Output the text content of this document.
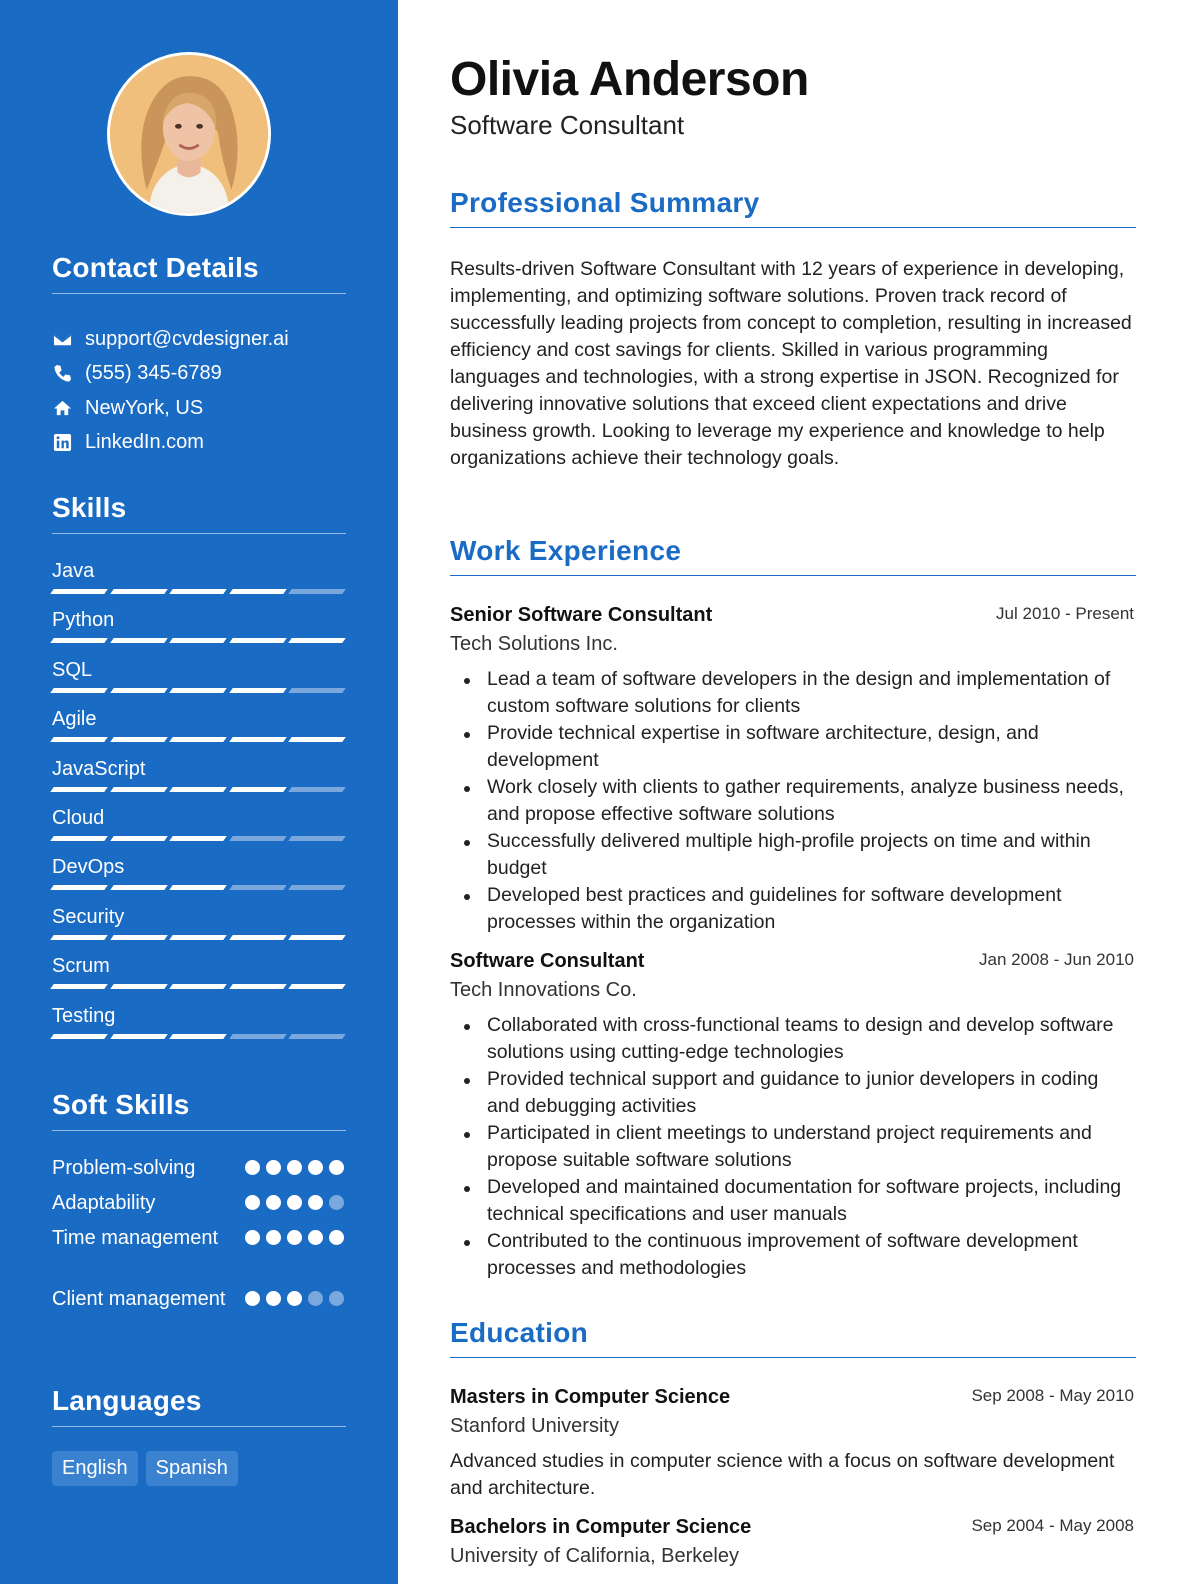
Contact Details
support@cvdesigner.ai
(555) 345-6789
NewYork, US
LinkedIn.com
Skills
Java
Python
SQL
Agile
JavaScript
Cloud
DevOps
Security
Scrum
Testing
Soft Skills
Problem-solving
Adaptability
Time management
Client management
Languages
English	Spanish
Olivia Anderson
Software Consultant
Professional Summary
Results-driven Software Consultant with 12 years of experience in developing, implementing, and optimizing software solutions. Proven track record of successfully leading projects from concept to completion, resulting in increased efficiency and cost savings for clients. Skilled in various programming languages and technologies, with a strong expertise in JSON. Recognized for delivering innovative solutions that exceed client expectations and drive business growth. Looking to leverage my experience and knowledge to help organizations achieve their technology goals.
Work Experience
Senior Software Consultant	Jul 2010 - Present
Tech Solutions Inc.
Lead a team of software developers in the design and implementation of custom software solutions for clients
Provide technical expertise in software architecture, design, and development
Work closely with clients to gather requirements, analyze business needs, and propose effective software solutions
Successfully delivered multiple high-profile projects on time and within budget
Developed best practices and guidelines for software development processes within the organization
Software Consultant	Jan 2008 - Jun 2010
Tech Innovations Co.
Collaborated with cross-functional teams to design and develop software solutions using cutting-edge technologies
Provided technical support and guidance to junior developers in coding and debugging activities
Participated in client meetings to understand project requirements and propose suitable software solutions
Developed and maintained documentation for software projects, including technical specifications and user manuals
Contributed to the continuous improvement of software development processes and methodologies
Education
Masters in Computer Science	Sep 2008 - May 2010
Stanford University
Advanced studies in computer science with a focus on software development and architecture.
Bachelors in Computer Science	Sep 2004 - May 2008
University of California, Berkeley
